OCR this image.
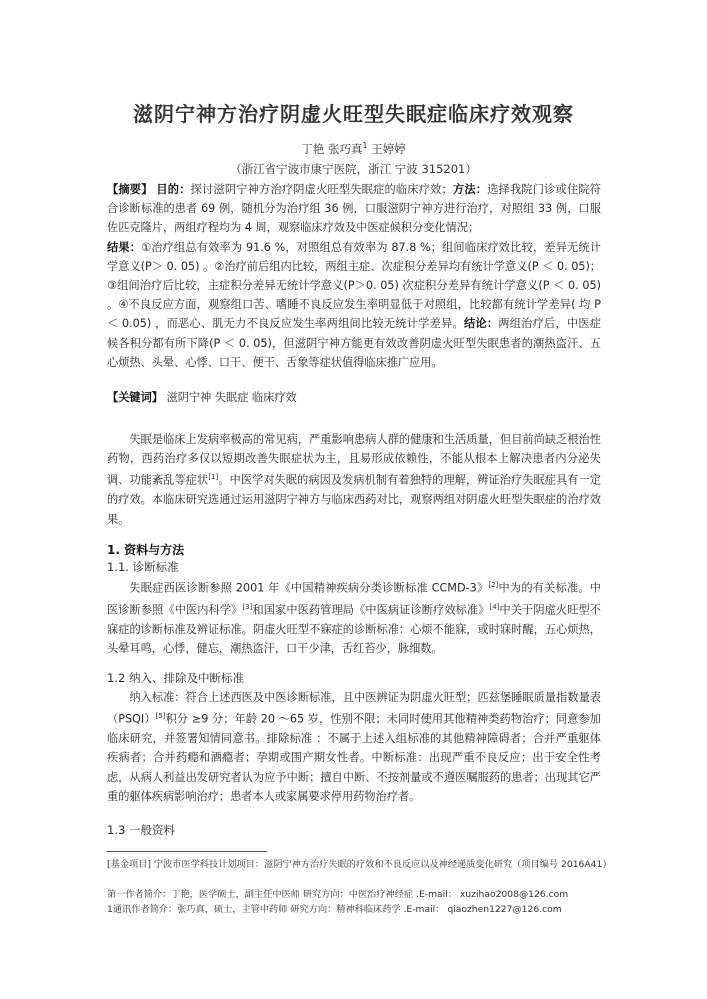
滋阴宁神方治疗阴虚火旺型失眠症临床疗效观察
丁艳 张巧真$^1$ 王婷婷
（浙江省宁波市康宁医院，浙江 宁波 315201）

【摘要】 目的：探讨滋阴宁神方治疗阴虚火旺型失眠症的临床疗效；方法：选择我院门诊或住院符合诊断标准的患者 69 例，随机分为治疗组 36 例，口服滋阴宁神方进行治疗，对照组 33 例，口服佐匹克隆片，两组疗程均为 4 周，观察临床疗效及中医症候积分变化情况；
结果：①治疗组总有效率为 91.6 %，对照组总有效率为 87.8 %；组间临床疗效比较，差异无统计学意义(P＞ 0. 05) 。②治疗前后组内比较，两组主症、次症积分差异均有统计学意义(P ＜ 0. 05)；③组间治疗后比较，主症积分差异无统计学意义(P＞0. 05) 次症积分差异有统计学意义(P ＜ 0. 05) 。④不良反应方面，观察组口苦、嗜睡不良反应发生率明显低于对照组，比较都有统计学差异( 均 P ＜ 0.05) ，而恶心、肌无力不良反应发生率两组间比较无统计学差异。结论：两组治疗后，中医症候各积分都有所下降(P ＜ 0. 05)，但滋阴宁神方能更有效改善阴虚火旺型失眠患者的潮热盗汗、五心烦热、头晕、心悸、口干、便干、舌象等症状值得临床推广应用。

【关键词】 滋阴宁神 失眠症 临床疗效

失眠是临床上发病率极高的常见病，严重影响患病人群的健康和生活质量，但目前尚缺乏根治性药物，西药治疗多仅以短期改善失眠症状为主，且易形成依赖性，不能从根本上解决患者内分泌失调、功能紊乱等症状[1]。中医学对失眠的病因及发病机制有着独特的理解，辨证治疗失眠症具有一定的疗效。本临床研究选通过运用滋阴宁神方与临床西药对比，观察两组对阴虚火旺型失眠症的治疗效果。

1. 资料与方法
1.1. 诊断标准

失眠症西医诊断参照 2001 年《中国精神疾病分类诊断标准 CCMD-3》[2]中为的有关标准。中医诊断参照《中医内科学》[3]和国家中医药管理局《中医病证诊断疗效标准》[4]中关于阴虚火旺型不寐症的诊断标准及辨证标准。阴虚火旺型不寐症的诊断标准：心烦不能寐，或时寐时醒，五心烦热，头晕耳鸣，心悸，健忘，潮热盗汗，口干少津，舌红苔少，脉细数。

1.2 纳入、排除及中断标准

纳入标准：符合上述西医及中医诊断标准，且中医辨证为阴虚火旺型；匹兹堡睡眠质量指数量表（PSQI）[5]积分 ≥9 分；年龄 20 ～65 岁，性别不限；未同时使用其他精神类药物治疗；同意参加临床研究，并签署知情同意书。排除标准 ：不属于上述入组标准的其他精神障碍者；合并严重躯体疾病者；合并药瘾和酒瘾者；孕期或围产期女性者。中断标准：出现严重不良反应；出于安全性考虑，从病人利益出发研究者认为应予中断；擅自中断、不按剂量或不遵医嘱服药的患者；出现其它严重的躯体疾病影响治疗；患者本人或家属要求停用药物治疗者。

1.3 一般资料

[基金项目] 宁波市医学科技计划项目：滋阴宁神方治疗失眠的疗效和不良反应以及神经递质变化研究（项目编号 2016A41）

第一作者简介：丁艳，医学硕士，副主任中医师 研究方向：中医治疗神经症 .E-mail： xuzihao2008@126.com

1通讯作者简介：张巧真，硕士，主管中药师 研究方向：精神科临床药学 .E-mail： qiaozhen1227@126.com
